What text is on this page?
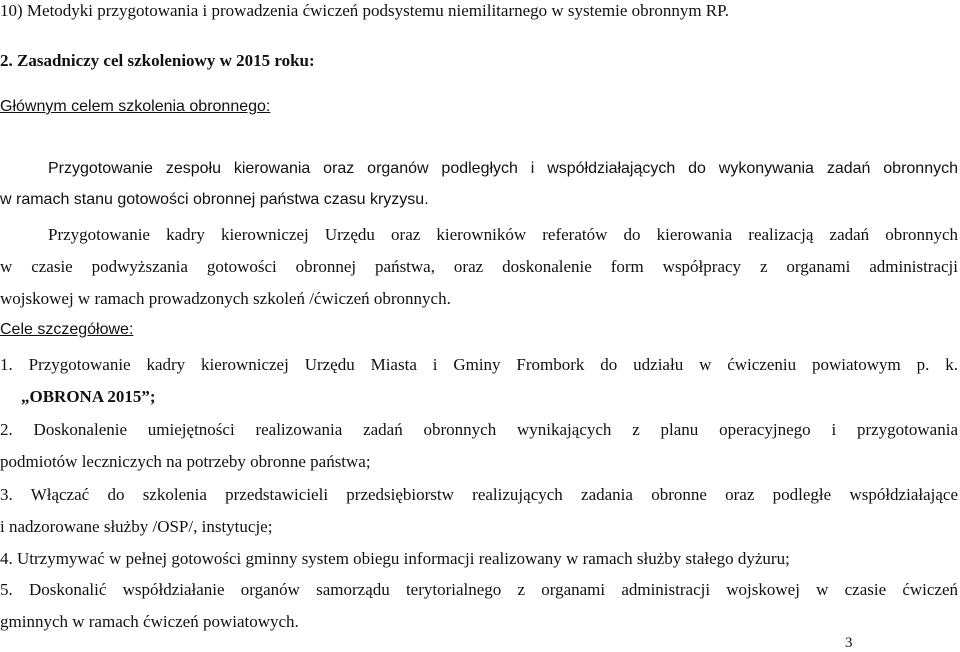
10) Metodyki przygotowania i prowadzenia ćwiczeń podsystemu niemilitarnego w systemie obronnym RP.
2. Zasadniczy cel szkoleniowy w 2015 roku:
Głównym celem szkolenia obronnego:
Przygotowanie zespołu kierowania oraz organów podległych i współdziałających do wykonywania zadań obronnych
w ramach stanu gotowości obronnej państwa czasu kryzysu.
Przygotowanie kadry kierowniczej Urzędu oraz kierowników referatów do kierowania realizacją zadań obronnych
w czasie podwyższania gotowości obronnej państwa, oraz doskonalenie form współpracy z organami administracji
wojskowej w ramach prowadzonych szkoleń /ćwiczeń obronnych.
Cele szczegółowe:
1. Przygotowanie kadry kierowniczej Urzędu Miasta i Gminy Frombork do udziału w ćwiczeniu powiatowym p. k.
„OBRONA 2015”;
2. Doskonalenie umiejętności realizowania zadań obronnych wynikających z planu operacyjnego i przygotowania
podmiotów leczniczych na potrzeby obronne państwa;
3. Włączać do szkolenia przedstawicieli przedsiębiorstw realizujących zadania obronne oraz podległe współdziałające
i nadzorowane służby /OSP/, instytucje;
4. Utrzymywać w pełnej gotowości gminny system obiegu informacji realizowany w ramach służby stałego dyżuru;
5. Doskonalić współdziałanie organów samorządu terytorialnego z organami administracji wojskowej w czasie ćwiczeń
gminnych w ramach ćwiczeń powiatowych.
3
